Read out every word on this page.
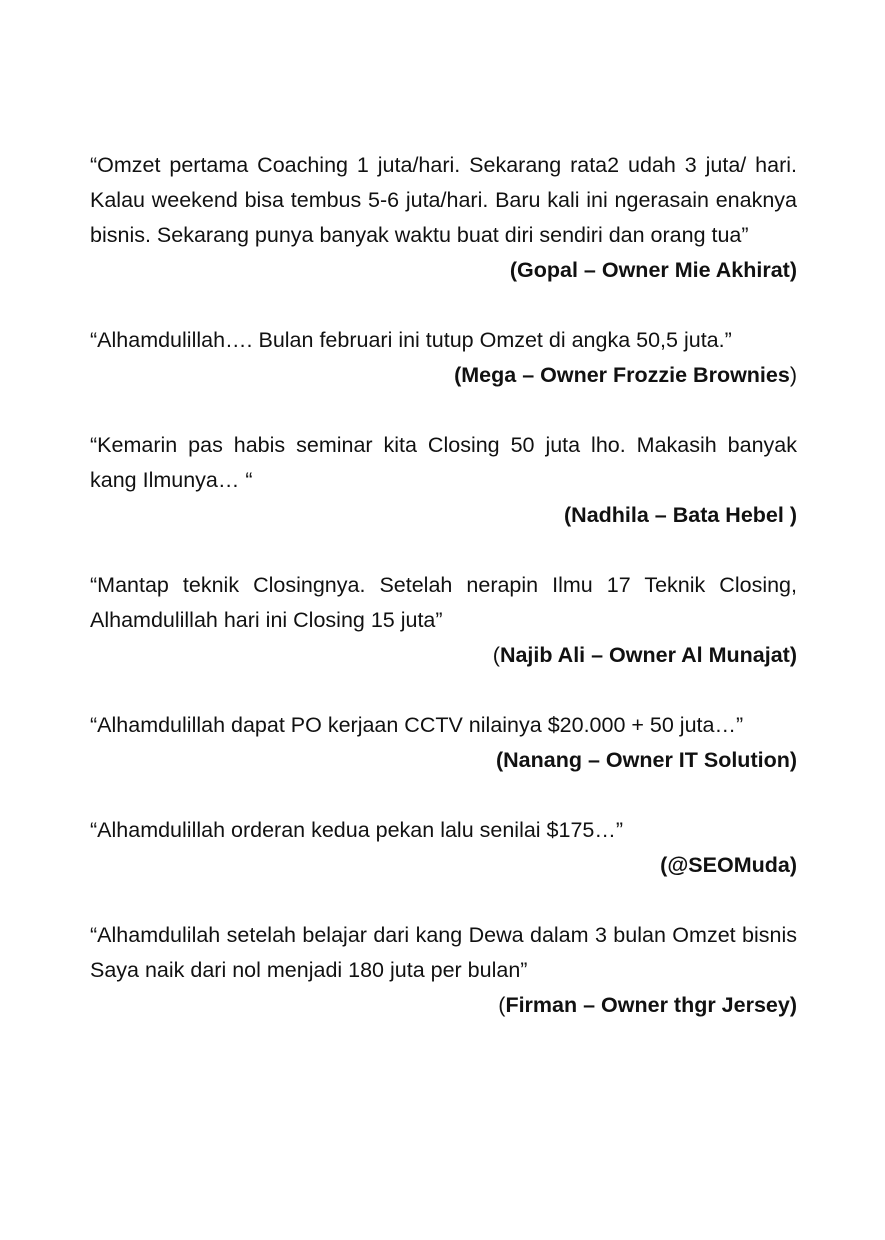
“Omzet pertama Coaching 1 juta/hari. Sekarang rata2 udah 3 juta/ hari. Kalau weekend bisa tembus 5-6 juta/hari. Baru kali ini ngerasain enaknya bisnis. Sekarang punya banyak waktu buat diri sendiri dan orang tua”

(Gopal – Owner Mie Akhirat)

“Alhamdulillah…. Bulan februari ini tutup Omzet di angka 50,5 juta.”

(Mega – Owner Frozzie Brownies)

“Kemarin pas habis seminar kita Closing 50 juta lho. Makasih banyak kang Ilmunya… “

(Nadhila – Bata Hebel )

“Mantap teknik Closingnya. Setelah nerapin Ilmu 17 Teknik Closing, Alhamdulillah hari ini Closing 15 juta”

(Najib Ali – Owner Al Munajat)

“Alhamdulillah dapat PO kerjaan CCTV nilainya $20.000 + 50 juta…”

(Nanang – Owner IT Solution)

“Alhamdulillah orderan kedua pekan lalu senilai $175…”

(@SEOMuda)

“Alhamdulilah setelah belajar dari kang Dewa dalam 3 bulan Omzet bisnis Saya naik dari nol menjadi 180 juta per bulan”

(Firman – Owner thgr Jersey)
